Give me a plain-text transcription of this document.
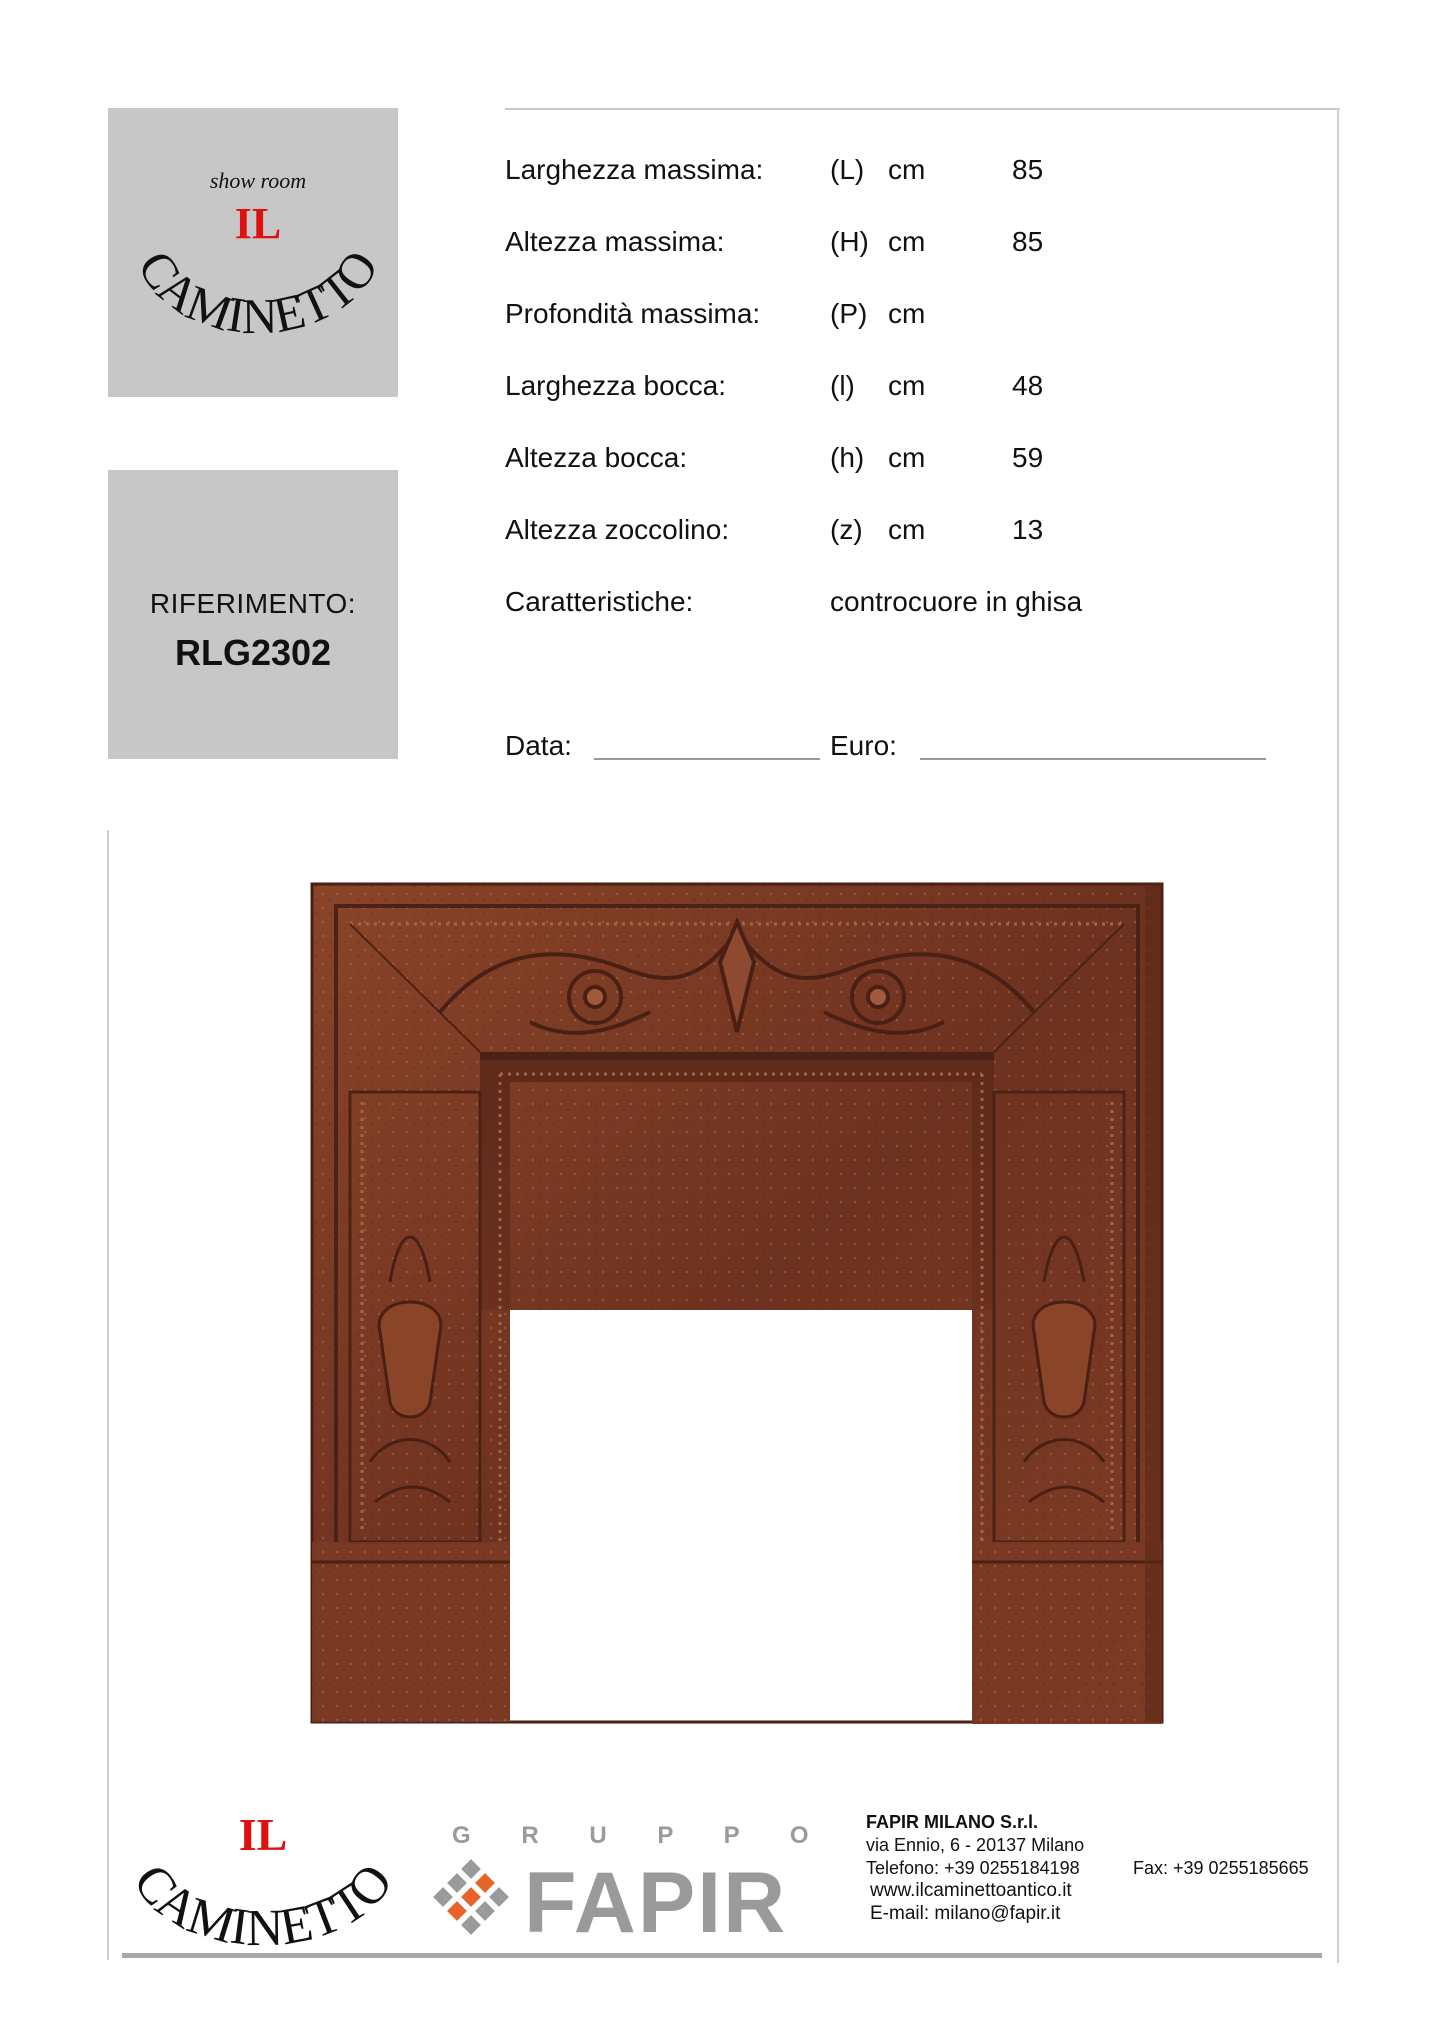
show room
IL
CAMINETTO
RIFERIMENTO:
RLG2302
Larghezza massima: (L) cm	85
Altezza massima:	(H) cm	85
Profondità massima: (P) cm
Larghezza bocca:	(l) cm	48
Altezza bocca:	(h) cm	59
Altezza zoccolino:	(z) cm	13
Caratteristiche:	controcuore in ghisa
Data:	Euro:
IL
CAMINETTO
G R U P P O
FAPIR
FAPIR MILANO S.r.l.
via Ennio, 6 - 20137 Milano
Telefono: +39 0255184198	Fax: +39 0255185665
www.ilcaminettoantico.it
E-mail: milano@fapir.it
